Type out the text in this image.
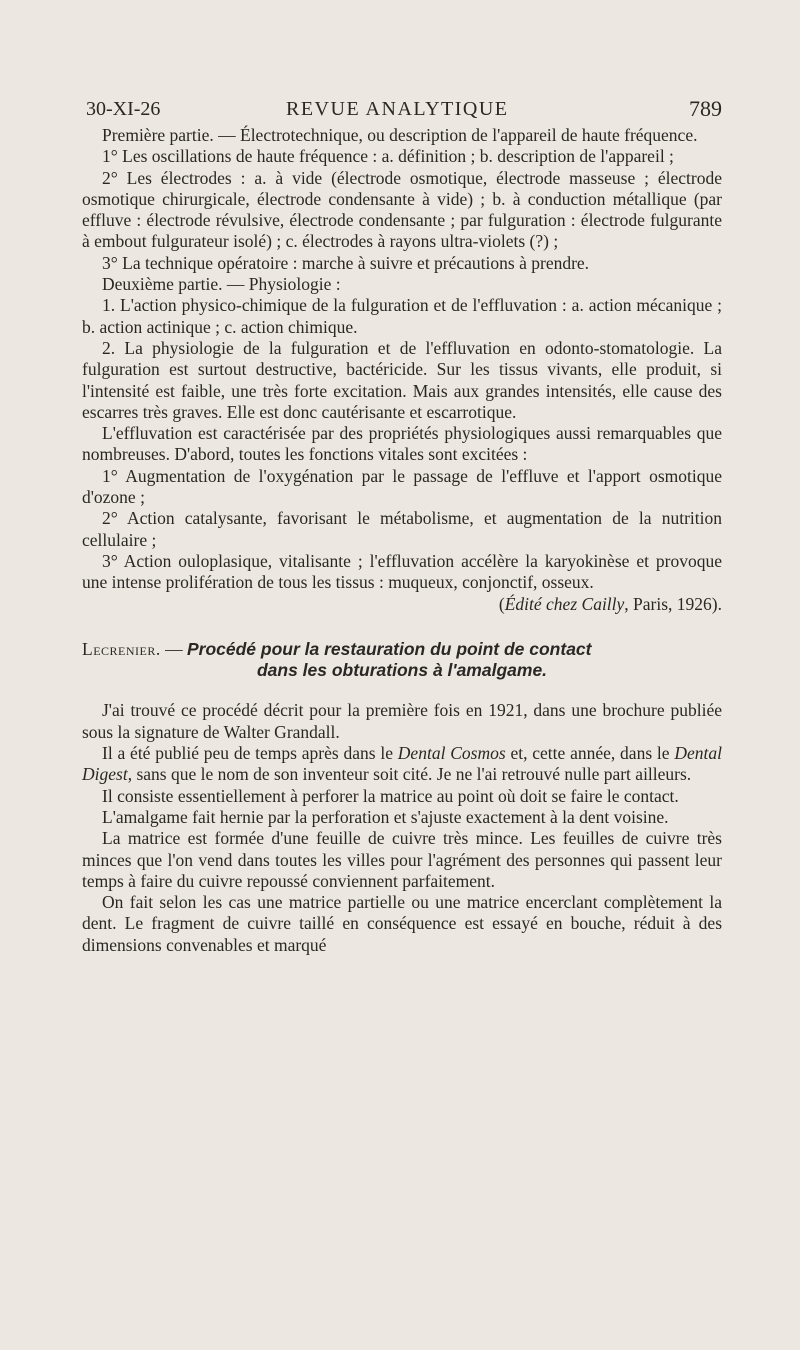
30-XI-26	REVUE ANALYTIQUE	789

Première partie. — Électrotechnique, ou description de l'appareil de haute fréquence.

1° Les oscillations de haute fréquence : a. définition ; b. description de l'appareil ;

2° Les électrodes : a. à vide (électrode osmotique, électrode masseuse ; électrode osmotique chirurgicale, électrode condensante à vide) ; b. à conduction métallique (par effluve : électrode révulsive, électrode condensante ; par fulguration : électrode fulgurante à embout fulgurateur isolé) ; c. électrodes à rayons ultra-violets (?) ;

3° La technique opératoire : marche à suivre et précautions à prendre.

Deuxième partie. — Physiologie :

1. L'action physico-chimique de la fulguration et de l'effluvation : a. action mécanique ; b. action actinique ; c. action chimique.

2. La physiologie de la fulguration et de l'effluvation en odonto-stomatologie. La fulguration est surtout destructive, bactéricide. Sur les tissus vivants, elle produit, si l'intensité est faible, une très forte excitation. Mais aux grandes intensités, elle cause des escarres très graves. Elle est donc cautérisante et escarrotique.

L'effluvation est caractérisée par des propriétés physiologiques aussi remarquables que nombreuses. D'abord, toutes les fonctions vitales sont excitées :

1° Augmentation de l'oxygénation par le passage de l'effluve et l'apport osmotique d'ozone ;

2° Action catalysante, favorisant le métabolisme, et augmentation de la nutrition cellulaire ;

3° Action ouloplasique, vitalisante ; l'effluvation accélère la karyokinèse et provoque une intense prolifération de tous les tissus : muqueux, conjonctif, osseux.

(Édité chez Cailly, Paris, 1926).

Lecrenier. — Procédé pour la restauration du point de contact

dans les obturations à l'amalgame.

J'ai trouvé ce procédé décrit pour la première fois en 1921, dans une brochure publiée sous la signature de Walter Grandall.

Il a été publié peu de temps après dans le Dental Cosmos et, cette année, dans le Dental Digest, sans que le nom de son inventeur soit cité. Je ne l'ai retrouvé nulle part ailleurs.

Il consiste essentiellement à perforer la matrice au point où doit se faire le contact.

L'amalgame fait hernie par la perforation et s'ajuste exactement à la dent voisine.

La matrice est formée d'une feuille de cuivre très mince. Les feuilles de cuivre très minces que l'on vend dans toutes les villes pour l'agrément des personnes qui passent leur temps à faire du cuivre repoussé conviennent parfaitement.

On fait selon les cas une matrice partielle ou une matrice encerclant complètement la dent. Le fragment de cuivre taillé en conséquence est essayé en bouche, réduit à des dimensions convenables et marqué
